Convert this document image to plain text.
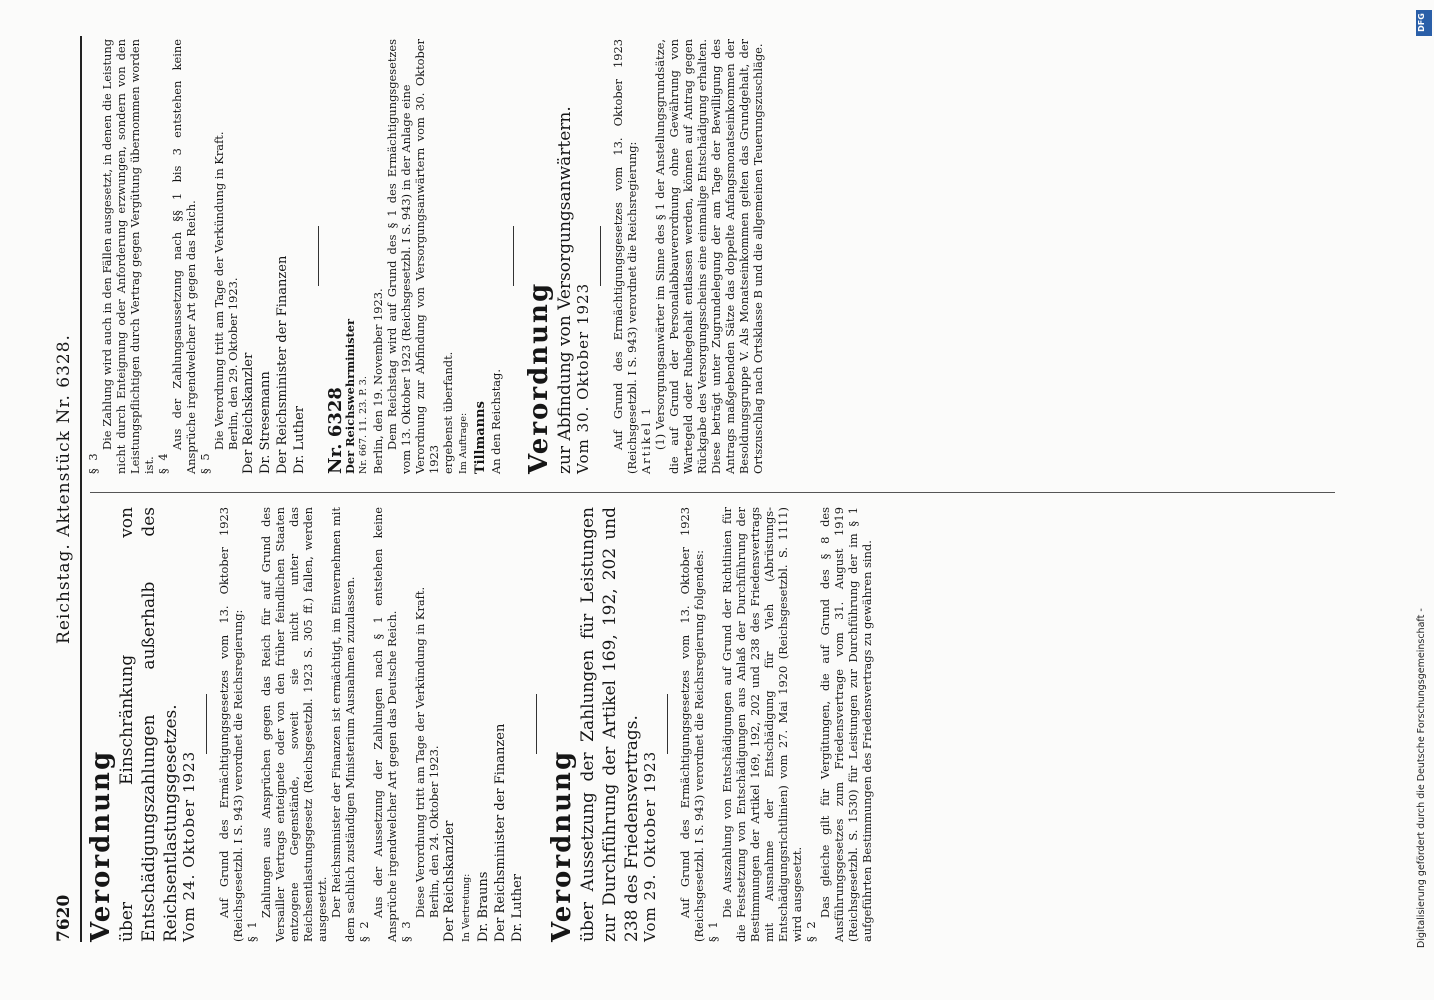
7620
Reichstag. Aktenstück Nr. 6328.

Verordnung über Einschränkung von Entschädigungszahlungen außerhalb des Reichsentlastungsgesetzes. Vom 24. Oktober 1923 Auf Grund des Ermächtigungsgesetzes vom 13. Oktober 1923 (Reichsgesetzbl. I S. 943) verordnet die Reichsregierung: § 1

Zahlungen aus Ansprüchen gegen das Reich für auf Grund des Versailler Vertrags enteignete oder von den früher feindlichen Staaten entzogene Gegenstände, soweit sie nicht unter das Reichsentlastungsgesetz (Reichsgesetzbl. 1923 S. 305 ff.) fallen, werden ausgesetzt. Der Reichsminister der Finanzen ist ermächtigt, im Einvernehmen mit dem sachlich zuständigen Ministerium Ausnahmen zuzulassen. § 2

Aus der Aussetzung der Zahlungen nach § 1 entstehen keine Ansprüche irgendwelcher Art gegen das Deutsche Reich. § 3

Diese Verordnung tritt am Tage der Verkündung in Kraft. Berlin, den 24. Oktober 1923. Der Reichskanzler In Vertretung: Dr. Brauns Der Reichsminister der Finanzen Dr. Luther Verordnung über Aussetzung der Zahlungen für Leistungen zur Durchführung der Artikel 169, 192, 202 und 238 des Friedensvertrags. Vom 29. Oktober 1923 Auf Grund des Ermächtigungsgesetzes vom 13. Oktober 1923 (Reichsgesetzbl. I S. 943) verordnet die Reichsregierung folgendes: § 1

Die Auszahlung von Entschädigungen auf Grund der Richtlinien für die Festsetzung von Entschädigungen aus Anlaß der Durchführung der Bestimmungen der Artikel 169, 192, 202 und 238 des Friedensvertrags mit Ausnahme der Entschädigung für Vieh (Abrüstungs-Entschädigungsrichtlinien) vom 27. Mai 1920 (Reichsgesetzbl. S. 1111) wird ausgesetzt. § 2

Das gleiche gilt für Vergütungen, die auf Grund des § 8 des Ausführungsgesetzes zum Friedensvertrage vom 31. August 1919 (Reichsgesetzbl. S. 1530) für Leistungen zur Durchführung der im § 1 aufgeführten Bestimmungen des Friedensvertrags zu gewähren sind.

§ 3

Die Zahlung wird auch in den Fällen ausgesetzt, in denen die Leistung nicht durch Enteignung oder Anforderung erzwungen, sondern von den Leistungspflichtigen durch Vertrag gegen Vergütung übernommen worden ist. § 4

Aus der Zahlungsaussetzung nach §§ 1 bis 3 entstehen keine Ansprüche irgendwelcher Art gegen das Reich. § 5

Die Verordnung tritt am Tage der Verkündung in Kraft. Berlin, den 29. Oktober 1923. Der Reichskanzler Dr. Stresemann Der Reichsminister der Finanzen Dr. Luther Nr. 6328

Der Reichswehrminister Nr. 667. 11. 23. P. 3. Berlin, den 19. November 1923. Dem Reichstag wird auf Grund des § 1 des Ermächtigungsgesetzes vom 13. Oktober 1923 (Reichsgesetzbl. I S. 943) in der Anlage eine Verordnung zur Abfindung von Versorgungsanwärtern vom 30. Oktober 1923 ergebenst überfandt. Im Auftrage: Tillmanns An den Reichstag. Verordnung zur Abfindung von Versorgungsanwärtern. Vom 30. Oktober 1923 Auf Grund des Ermächtigungsgesetzes vom 13. Oktober 1923 (Reichsgesetzbl. I S. 943) verordnet die Reichsregierung: Artikel 1 (1) Versorgungsanwärter im Sinne des § 1 der Anstellungsgrundsätze, die auf Grund der Personalabbauverordnung ohne Gewährung von Wartegeld oder Ruhegehalt entlassen werden, können auf Antrag gegen Rückgabe des Versorgungsscheins eine einmalige Entschädigung erhalten. Diese beträgt unter Zugrundelegung der am Tage der Bewilligung des Antrags maßgebenden Sätze das doppelte Anfangsmonatseinkommen der Besoldungsgruppe V. Als Monatseinkommen gelten das Grundgehalt, der Ortszuschlag nach Ortsklasse B und die allgemeinen Teuerungszuschläge.

Digitalisierung gefördert durch die Deutsche Forschungsgemeinschaft -
DFG
